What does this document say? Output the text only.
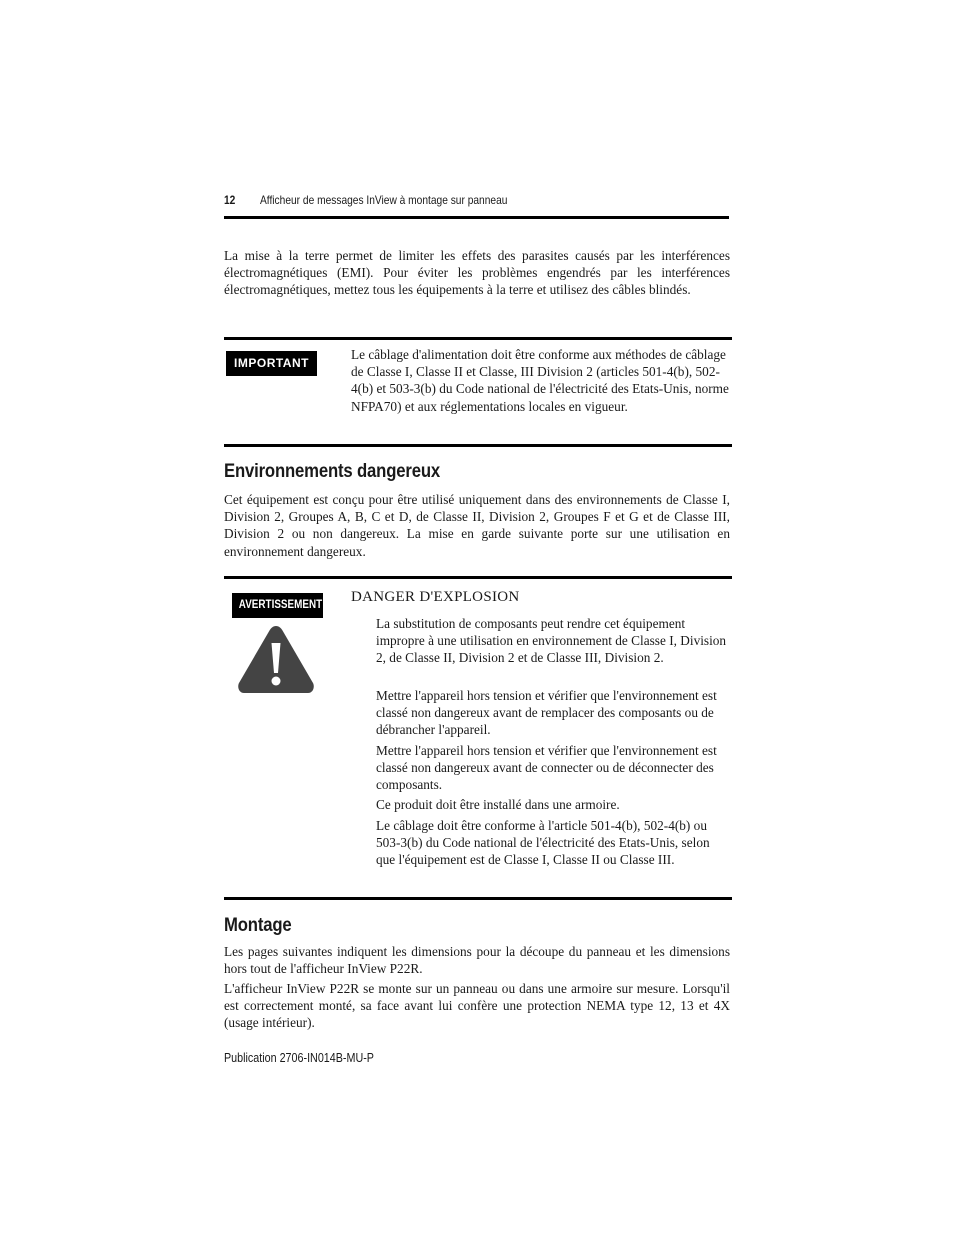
12 Afficheur de messages InView à montage sur panneau
La mise à la terre permet de limiter les effets des parasites causés par les interférences électromagnétiques (EMI). Pour éviter les problèmes engendrés par les interférences électromagnétiques, mettez tous les équipements à la terre et utilisez des câbles blindés.
IMPORTANT
Le câblage d'alimentation doit être conforme aux méthodes de câblage de Classe I, Classe II et Classe, III Division 2 (articles 501-4(b), 502-4(b) et 503-3(b) du Code national de l'électricité des Etats-Unis, norme NFPA70) et aux réglementations locales en vigueur.
Environnements dangereux
Cet équipement est conçu pour être utilisé uniquement dans des environnements de Classe I, Division 2, Groupes A, B, C et D, de Classe II, Division 2, Groupes F et G et de Classe III, Division 2 ou non dangereux. La mise en garde suivante porte sur une utilisation en environnement dangereux.
AVERTISSEMENT DANGER D'EXPLOSION
La substitution de composants peut rendre cet équipement impropre à une utilisation en environnement de Classe I, Division 2, de Classe II, Division 2 et de Classe III, Division 2.
Mettre l'appareil hors tension et vérifier que l'environnement est classé non dangereux avant de remplacer des composants ou de débrancher l'appareil.
Mettre l'appareil hors tension et vérifier que l'environnement est classé non dangereux avant de connecter ou de déconnecter des composants.
Ce produit doit être installé dans une armoire.
Le câblage doit être conforme à l'article 501-4(b), 502-4(b) ou 503-3(b) du Code national de l'électricité des Etats-Unis, selon que l'équipement est de Classe I, Classe II ou Classe III.
Montage
Les pages suivantes indiquent les dimensions pour la découpe du panneau et les dimensions hors tout de l'afficheur InView P22R.
L'afficheur InView P22R se monte sur un panneau ou dans une armoire sur mesure. Lorsqu'il est correctement monté, sa face avant lui confère une protection NEMA type 12, 13 et 4X (usage intérieur).
Publication 2706-IN014B-MU-P
